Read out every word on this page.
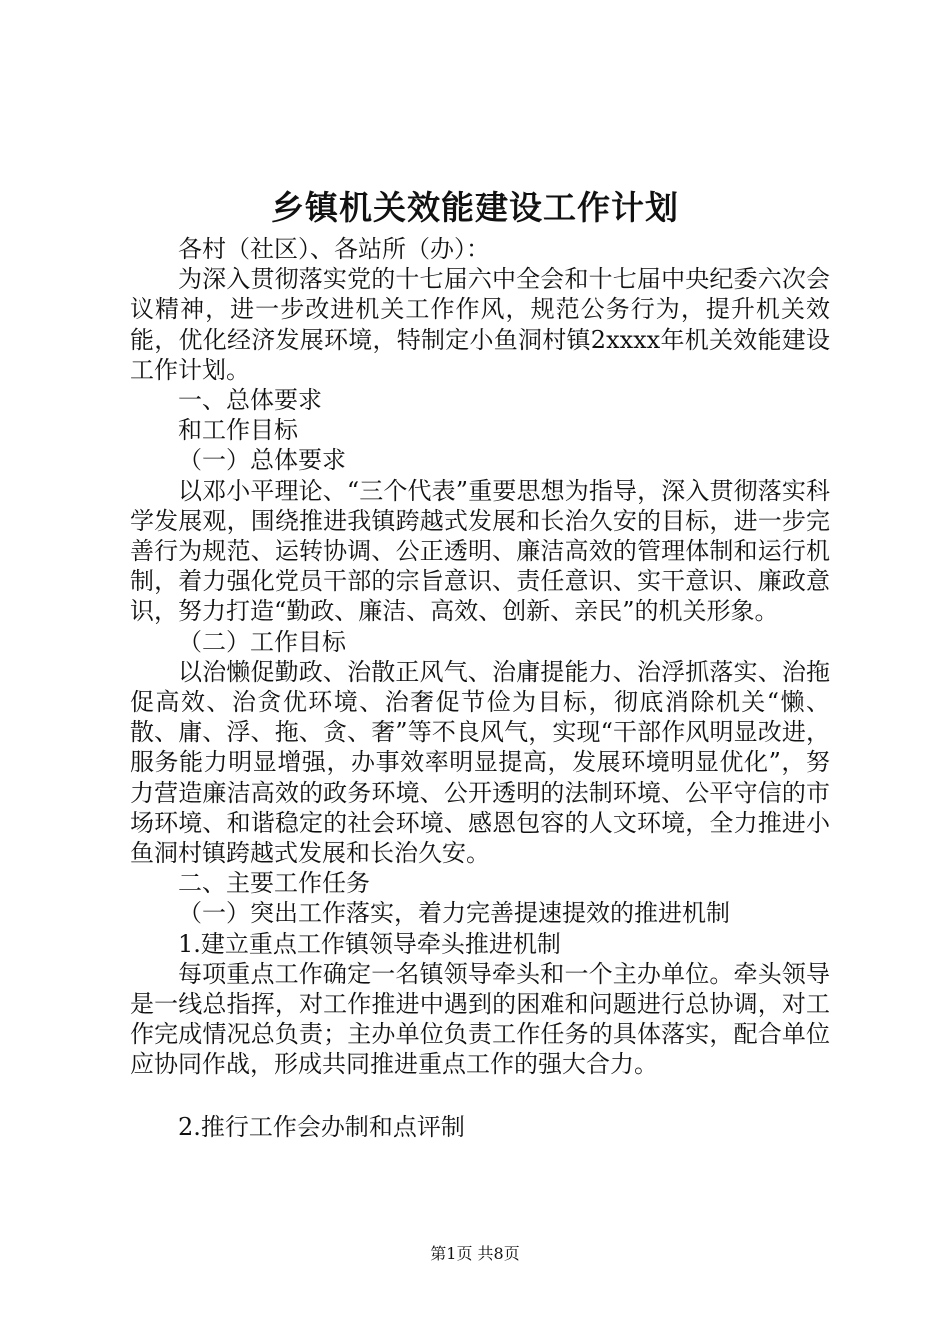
乡镇机关效能建设工作计划

各村（社区）、各站所（办）：

为深入贯彻落实党的十七届六中全会和十七届中央纪委六次会议精神，进一步改进机关工作作风，规范公务行为，提升机关效能，优化经济发展环境，特制定小鱼洞村镇2xxxx年机关效能建设工作计划。

一、总体要求

和工作目标

（一）总体要求

以邓小平理论、“三个代表”重要思想为指导，深入贯彻落实科学发展观，围绕推进我镇跨越式发展和长治久安的目标，进一步完善行为规范、运转协调、公正透明、廉洁高效的管理体制和运行机制，着力强化党员干部的宗旨意识、责任意识、实干意识、廉政意识，努力打造“勤政、廉洁、高效、创新、亲民”的机关形象。

（二）工作目标

以治懒促勤政、治散正风气、治庸提能力、治浮抓落实、治拖促高效、治贪优环境、治奢促节俭为目标，彻底消除机关“懒、散、庸、浮、拖、贪、奢”等不良风气，实现“干部作风明显改进，服务能力明显增强，办事效率明显提高，发展环境明显优化”，努力营造廉洁高效的政务环境、公开透明的法制环境、公平守信的市场环境、和谐稳定的社会环境、感恩包容的人文环境，全力推进小鱼洞村镇跨越式发展和长治久安。

二、主要工作任务

（一）突出工作落实，着力完善提速提效的推进机制

1.建立重点工作镇领导牵头推进机制

每项重点工作确定一名镇领导牵头和一个主办单位。牵头领导是一线总指挥，对工作推进中遇到的困难和问题进行总协调，对工作完成情况总负责；主办单位负责工作任务的具体落实，配合单位应协同作战，形成共同推进重点工作的强大合力。

2.推行工作会办制和点评制

第1页 共8页
